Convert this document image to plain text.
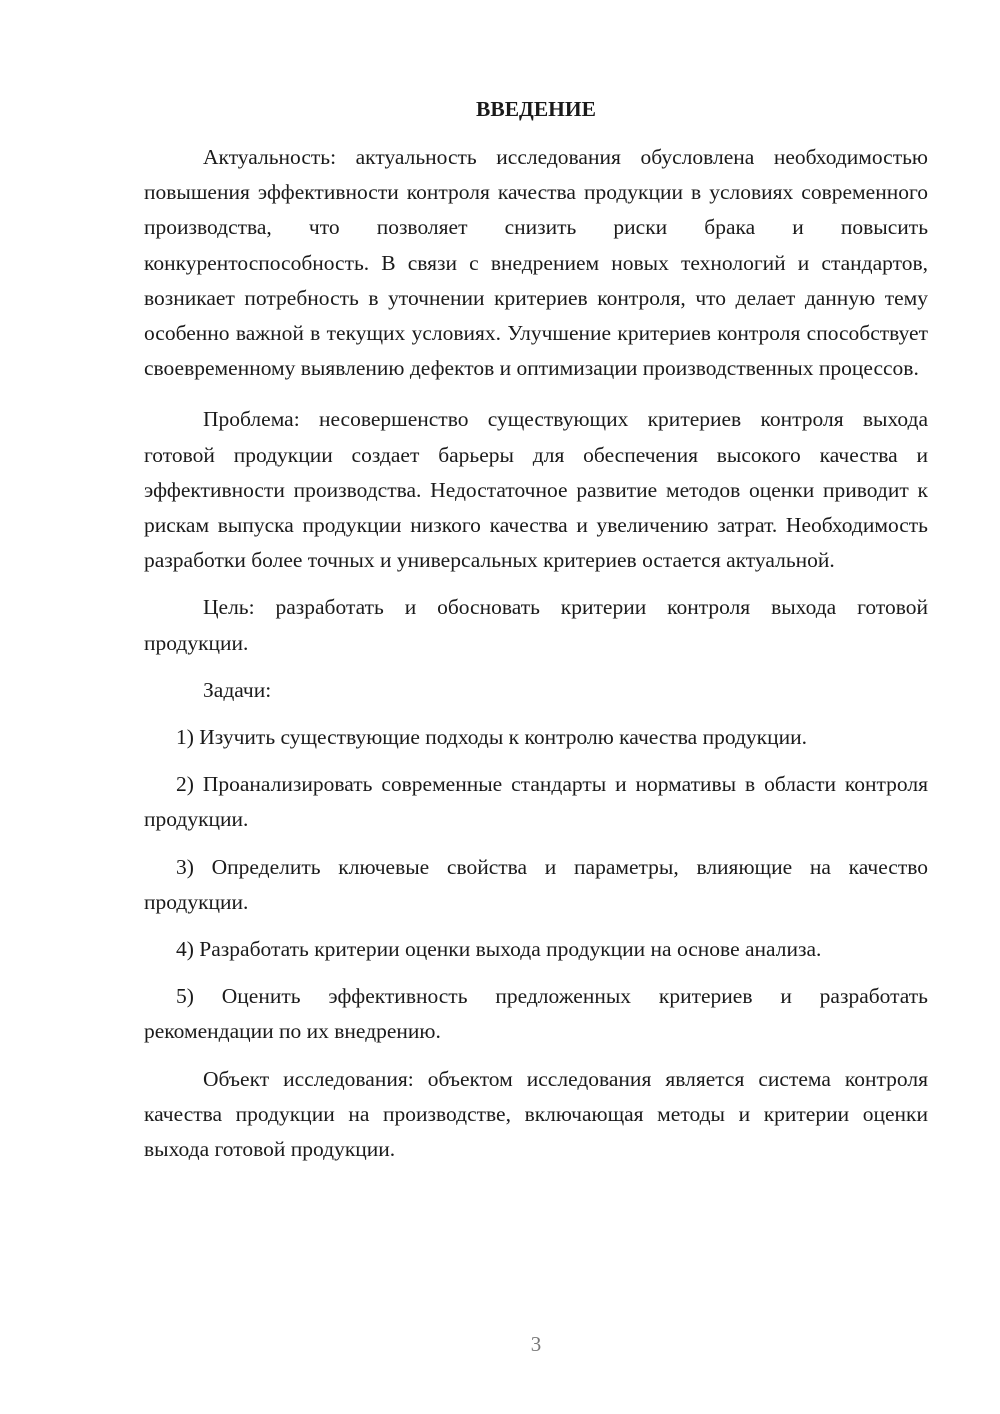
ВВЕДЕНИЕ

Актуальность: актуальность исследования обусловлена необходимостью повышения эффективности контроля качества продукции в условиях современного производства, что позволяет снизить риски брака и повысить конкурентоспособность. В связи с внедрением новых технологий и стандартов, возникает потребность в уточнении критериев контроля, что делает данную тему особенно важной в текущих условиях. Улучшение критериев контроля способствует своевременному выявлению дефектов и оптимизации производственных процессов.

Проблема: несовершенство существующих критериев контроля выхода готовой продукции создает барьеры для обеспечения высокого качества и эффективности производства. Недостаточное развитие методов оценки приводит к рискам выпуска продукции низкого качества и увеличению затрат. Необходимость разработки более точных и универсальных критериев остается актуальной.

Цель: разработать и обосновать критерии контроля выхода готовой продукции.

Задачи:

1) Изучить существующие подходы к контролю качества продукции.

2) Проанализировать современные стандарты и нормативы в области контроля продукции.

3) Определить ключевые свойства и параметры, влияющие на качество продукции.

4) Разработать критерии оценки выхода продукции на основе анализа.

5) Оценить эффективность предложенных критериев и разработать рекомендации по их внедрению.

Объект исследования: объектом исследования является система контроля качества продукции на производстве, включающая методы и критерии оценки выхода готовой продукции.

3
